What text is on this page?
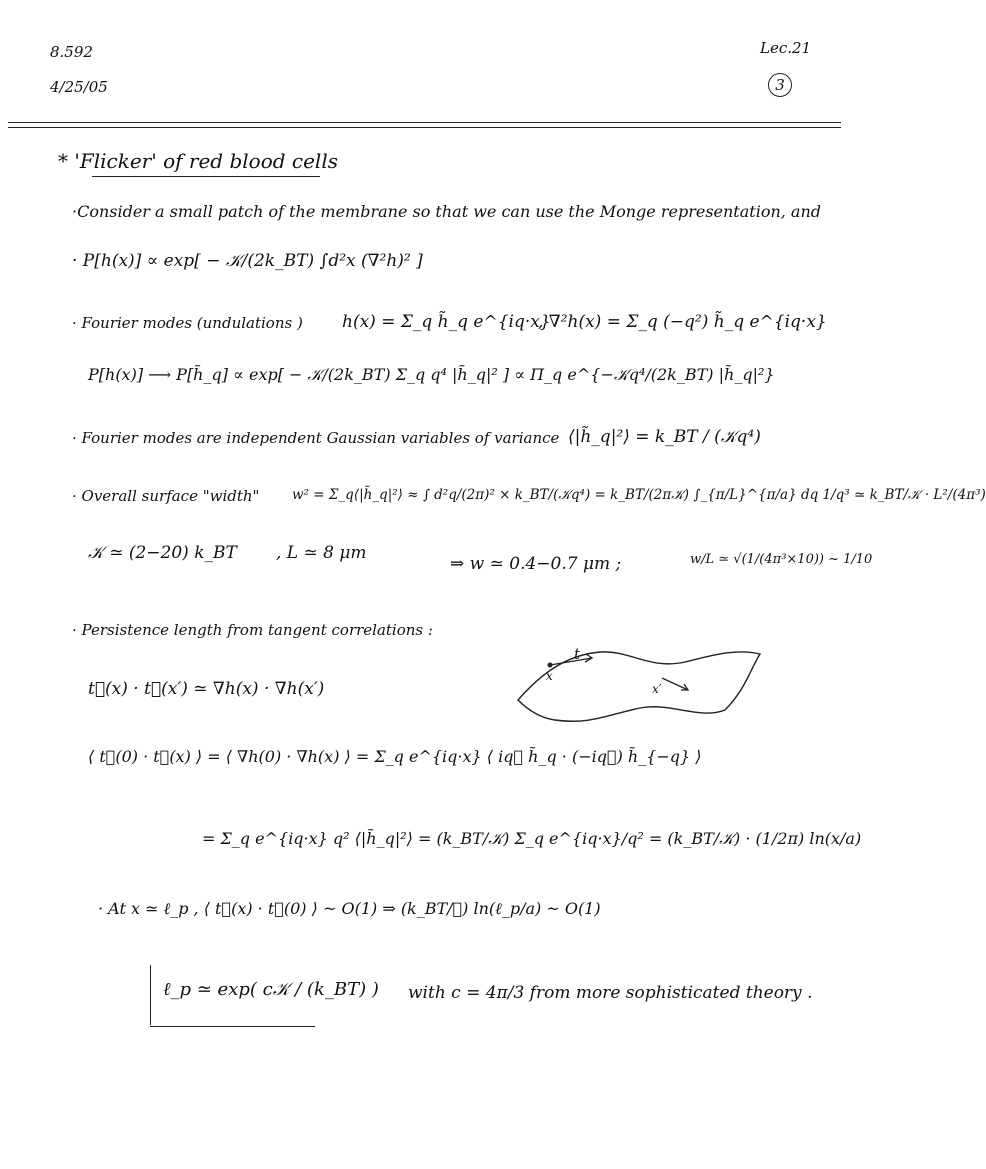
8.592
4/25/05
Lec.21
3
* 'Flicker' of red blood cells
·Consider a small patch of the membrane so that we can use the Monge representation, and
· P[h(x)] ∝ exp[ − 𝒦/(2k_BT) ∫d²x (∇²h)² ]
· Fourier modes (undulations ) h(x) = Σ_q h̃_q e^{iq·x}
, ∇²h(x) = Σ_q (−q²) h̃_q e^{iq·x}
P[h(x)] ⟶ P[h̃_q] ∝ exp[ − 𝒦/(2k_BT) Σ_q q⁴ |h̃_q|² ] ∝ Π_q e^{−𝒦q⁴/(2k_BT) |h̃_q|²}
· Fourier modes are independent Gaussian variables of variance ⟨|h̃_q|²⟩ = k_BT / (𝒦q⁴)
· Overall surface "width" w² = Σ_q⟨|h̃_q|²⟩ ≈ ∫ d²q/(2π)² × k_BT/(𝒦q⁴) = k_BT/(2π𝒦) ∫_{π/L}^{π/a} dq 1/q³ ≃ k_BT/𝒦 · L²/(4π³)
𝒦 ≃ (2−20) k_BT , L ≃ 8 μm
⇒ w ≃ 0.4−0.7 μm ;	w/L ≃ √(1/(4π³×10)) ~ 1/10
· Persistence length from tangent correlations :
t⃗(x) · t⃗(x′) ≃ ∇h(x) · ∇h(x′)
t
x
x′
⟨ t⃗(0) · t⃗(x) ⟩ = ⟨ ∇h(0) · ∇h(x) ⟩ = Σ_q e^{iq·x} ⟨ iq⃗ h̃_q · (−iq⃗) h̃_{−q} ⟩
= Σ_q e^{iq·x} q² ⟨|h̃_q|²⟩ = (k_BT/𝒦) Σ_q e^{iq·x}/q² = (k_BT/𝒦) · (1/2π) ln(x/a)
· At x ≃ ℓ_p , ⟨ t⃗(x) · t⃗(0) ⟩ ~ O(1) ⇒ (k_BT/𝒦) ln(ℓ_p/a) ~ O(1)
ℓ_p ≃ exp( c𝒦 / (k_BT) ) with c = 4π/3 from more sophisticated theory .
